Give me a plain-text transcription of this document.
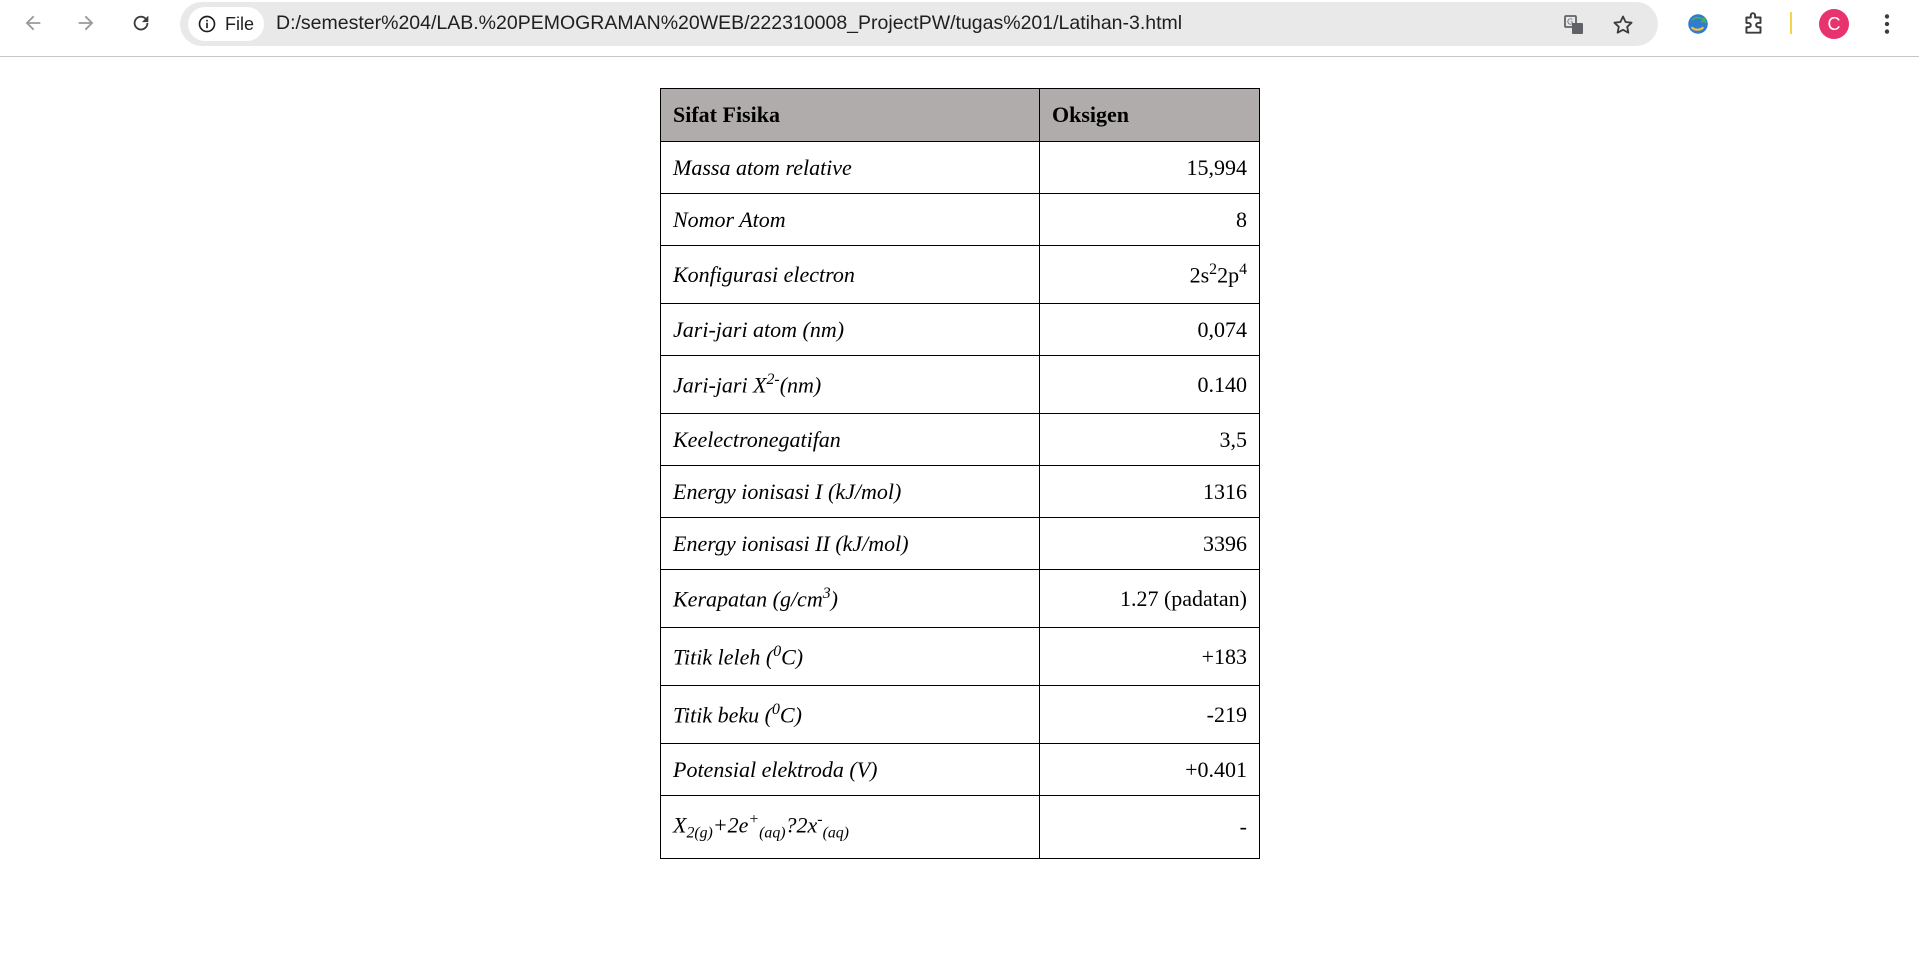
File D:/semester%204/LAB.%20PEMOGRAMAN%20WEB/222310008_ProjectPW/tugas%201/Latihan-3.html	G	C
Sifat Fisika	Oksigen
Massa atom relative	15,994
Nomor Atom	8
Konfigurasi electron	$2s^22p^4$
Jari-jari atom (nm)	0,074
Jari-jari $X^{2-}(nm)$	0.140
Keelectronegatifan	3,5
Energy ionisasi I (kJ/mol)	1316
Energy ionisasi II (kJ/mol)	3396
Kerapatan $(g/cm^3)$	1.27 (padatan)
Titik leleh ($^0$C)	+183
Titik beku ($^0$C)	-219
Potensial elektroda (V)	+0.401
$X_{2(g)}+2e^+_{(aq)}?2x^-_{(aq)}$	-
